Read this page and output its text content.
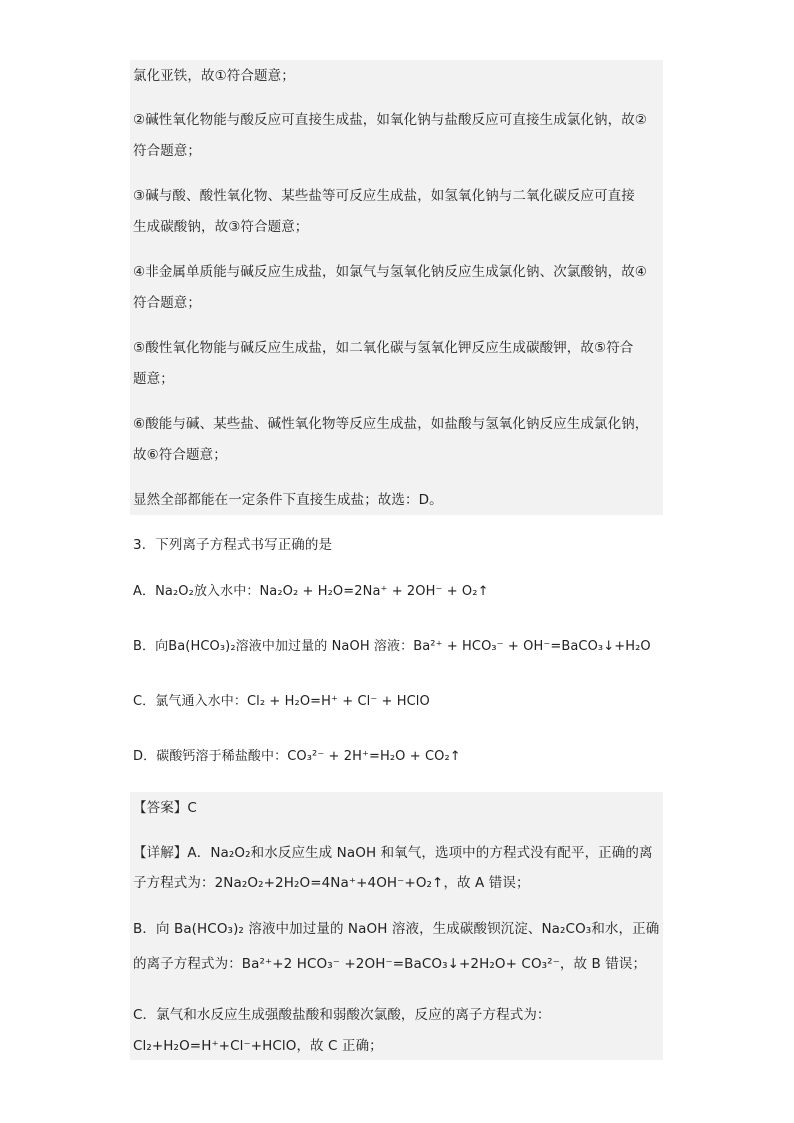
氯化亚铁，故①符合题意；
②碱性氧化物能与酸反应可直接生成盐，如氧化钠与盐酸反应可直接生成氯化钠，故②
符合题意；
③碱与酸、酸性氧化物、某些盐等可反应生成盐，如氢氧化钠与二氧化碳反应可直接
生成碳酸钠，故③符合题意；
④非金属单质能与碱反应生成盐，如氯气与氢氧化钠反应生成氯化钠、次氯酸钠，故④
符合题意；
⑤酸性氧化物能与碱反应生成盐，如二氧化碳与氢氧化钾反应生成碳酸钾，故⑤符合
题意；
⑥酸能与碱、某些盐、碱性氧化物等反应生成盐，如盐酸与氢氧化钠反应生成氯化钠，
故⑥符合题意；
显然全部都能在一定条件下直接生成盐；故选：D。
3．下列离子方程式书写正确的是
A．Na₂O₂放入水中：Na₂O₂ + H₂O=2Na⁺ + 2OH⁻ + O₂↑
B．向Ba(HCO₃)₂溶液中加过量的 NaOH 溶液：Ba²⁺ + HCO₃⁻ + OH⁻=BaCO₃↓+H₂O
C．氯气通入水中：Cl₂ + H₂O=H⁺ + Cl⁻ + HClO
D．碳酸钙溶于稀盐酸中：CO₃²⁻ + 2H⁺=H₂O + CO₂↑
【答案】C
【详解】A．Na₂O₂和水反应生成 NaOH 和氧气，选项中的方程式没有配平，正确的离
子方程式为：2Na₂O₂+2H₂O=4Na⁺+4OH⁻+O₂↑，故 A 错误；
B．向 Ba(HCO₃)₂ 溶液中加过量的 NaOH 溶液，生成碳酸钡沉淀、Na₂CO₃和水，正确
的离子方程式为：Ba²⁺+2 HCO₃⁻ +2OH⁻=BaCO₃↓+2H₂O+ CO₃²⁻，故 B 错误；
C．氯气和水反应生成强酸盐酸和弱酸次氯酸，反应的离子方程式为：
Cl₂+H₂O=H⁺+Cl⁻+HClO，故 C 正确；
